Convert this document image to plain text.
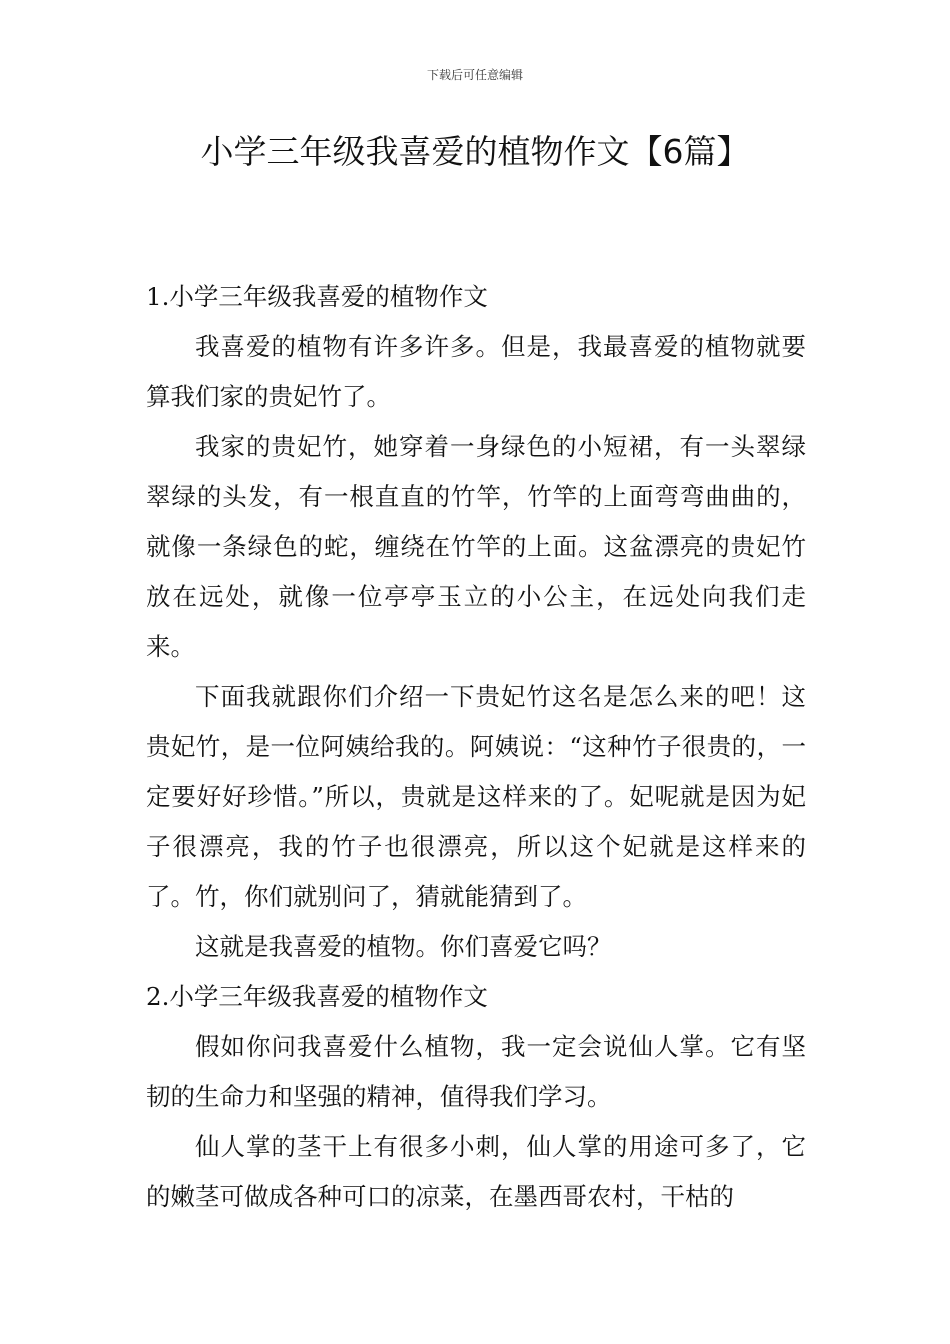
下载后可任意编辑
小学三年级我喜爱的植物作文【6篇】

1.小学三年级我喜爱的植物作文

我喜爱的植物有许多许多。但是，我最喜爱的植物就要算我们家的贵妃竹了。

我家的贵妃竹，她穿着一身绿色的小短裙，有一头翠绿翠绿的头发，有一根直直的竹竿，竹竿的上面弯弯曲曲的，就像一条绿色的蛇，缠绕在竹竿的上面。这盆漂亮的贵妃竹放在远处，就像一位亭亭玉立的小公主，在远处向我们走来。

下面我就跟你们介绍一下贵妃竹这名是怎么来的吧！这贵妃竹，是一位阿姨给我的。阿姨说：“这种竹子很贵的，一定要好好珍惜。”所以，贵就是这样来的了。妃呢就是因为妃子很漂亮，我的竹子也很漂亮，所以这个妃就是这样来的了。竹，你们就别问了，猜就能猜到了。

这就是我喜爱的植物。你们喜爱它吗？

2.小学三年级我喜爱的植物作文

假如你问我喜爱什么植物，我一定会说仙人掌。它有坚韧的生命力和坚强的精神，值得我们学习。

仙人掌的茎干上有很多小刺，仙人掌的用途可多了，它的嫩茎可做成各种可口的凉菜，在墨西哥农村，干枯的
